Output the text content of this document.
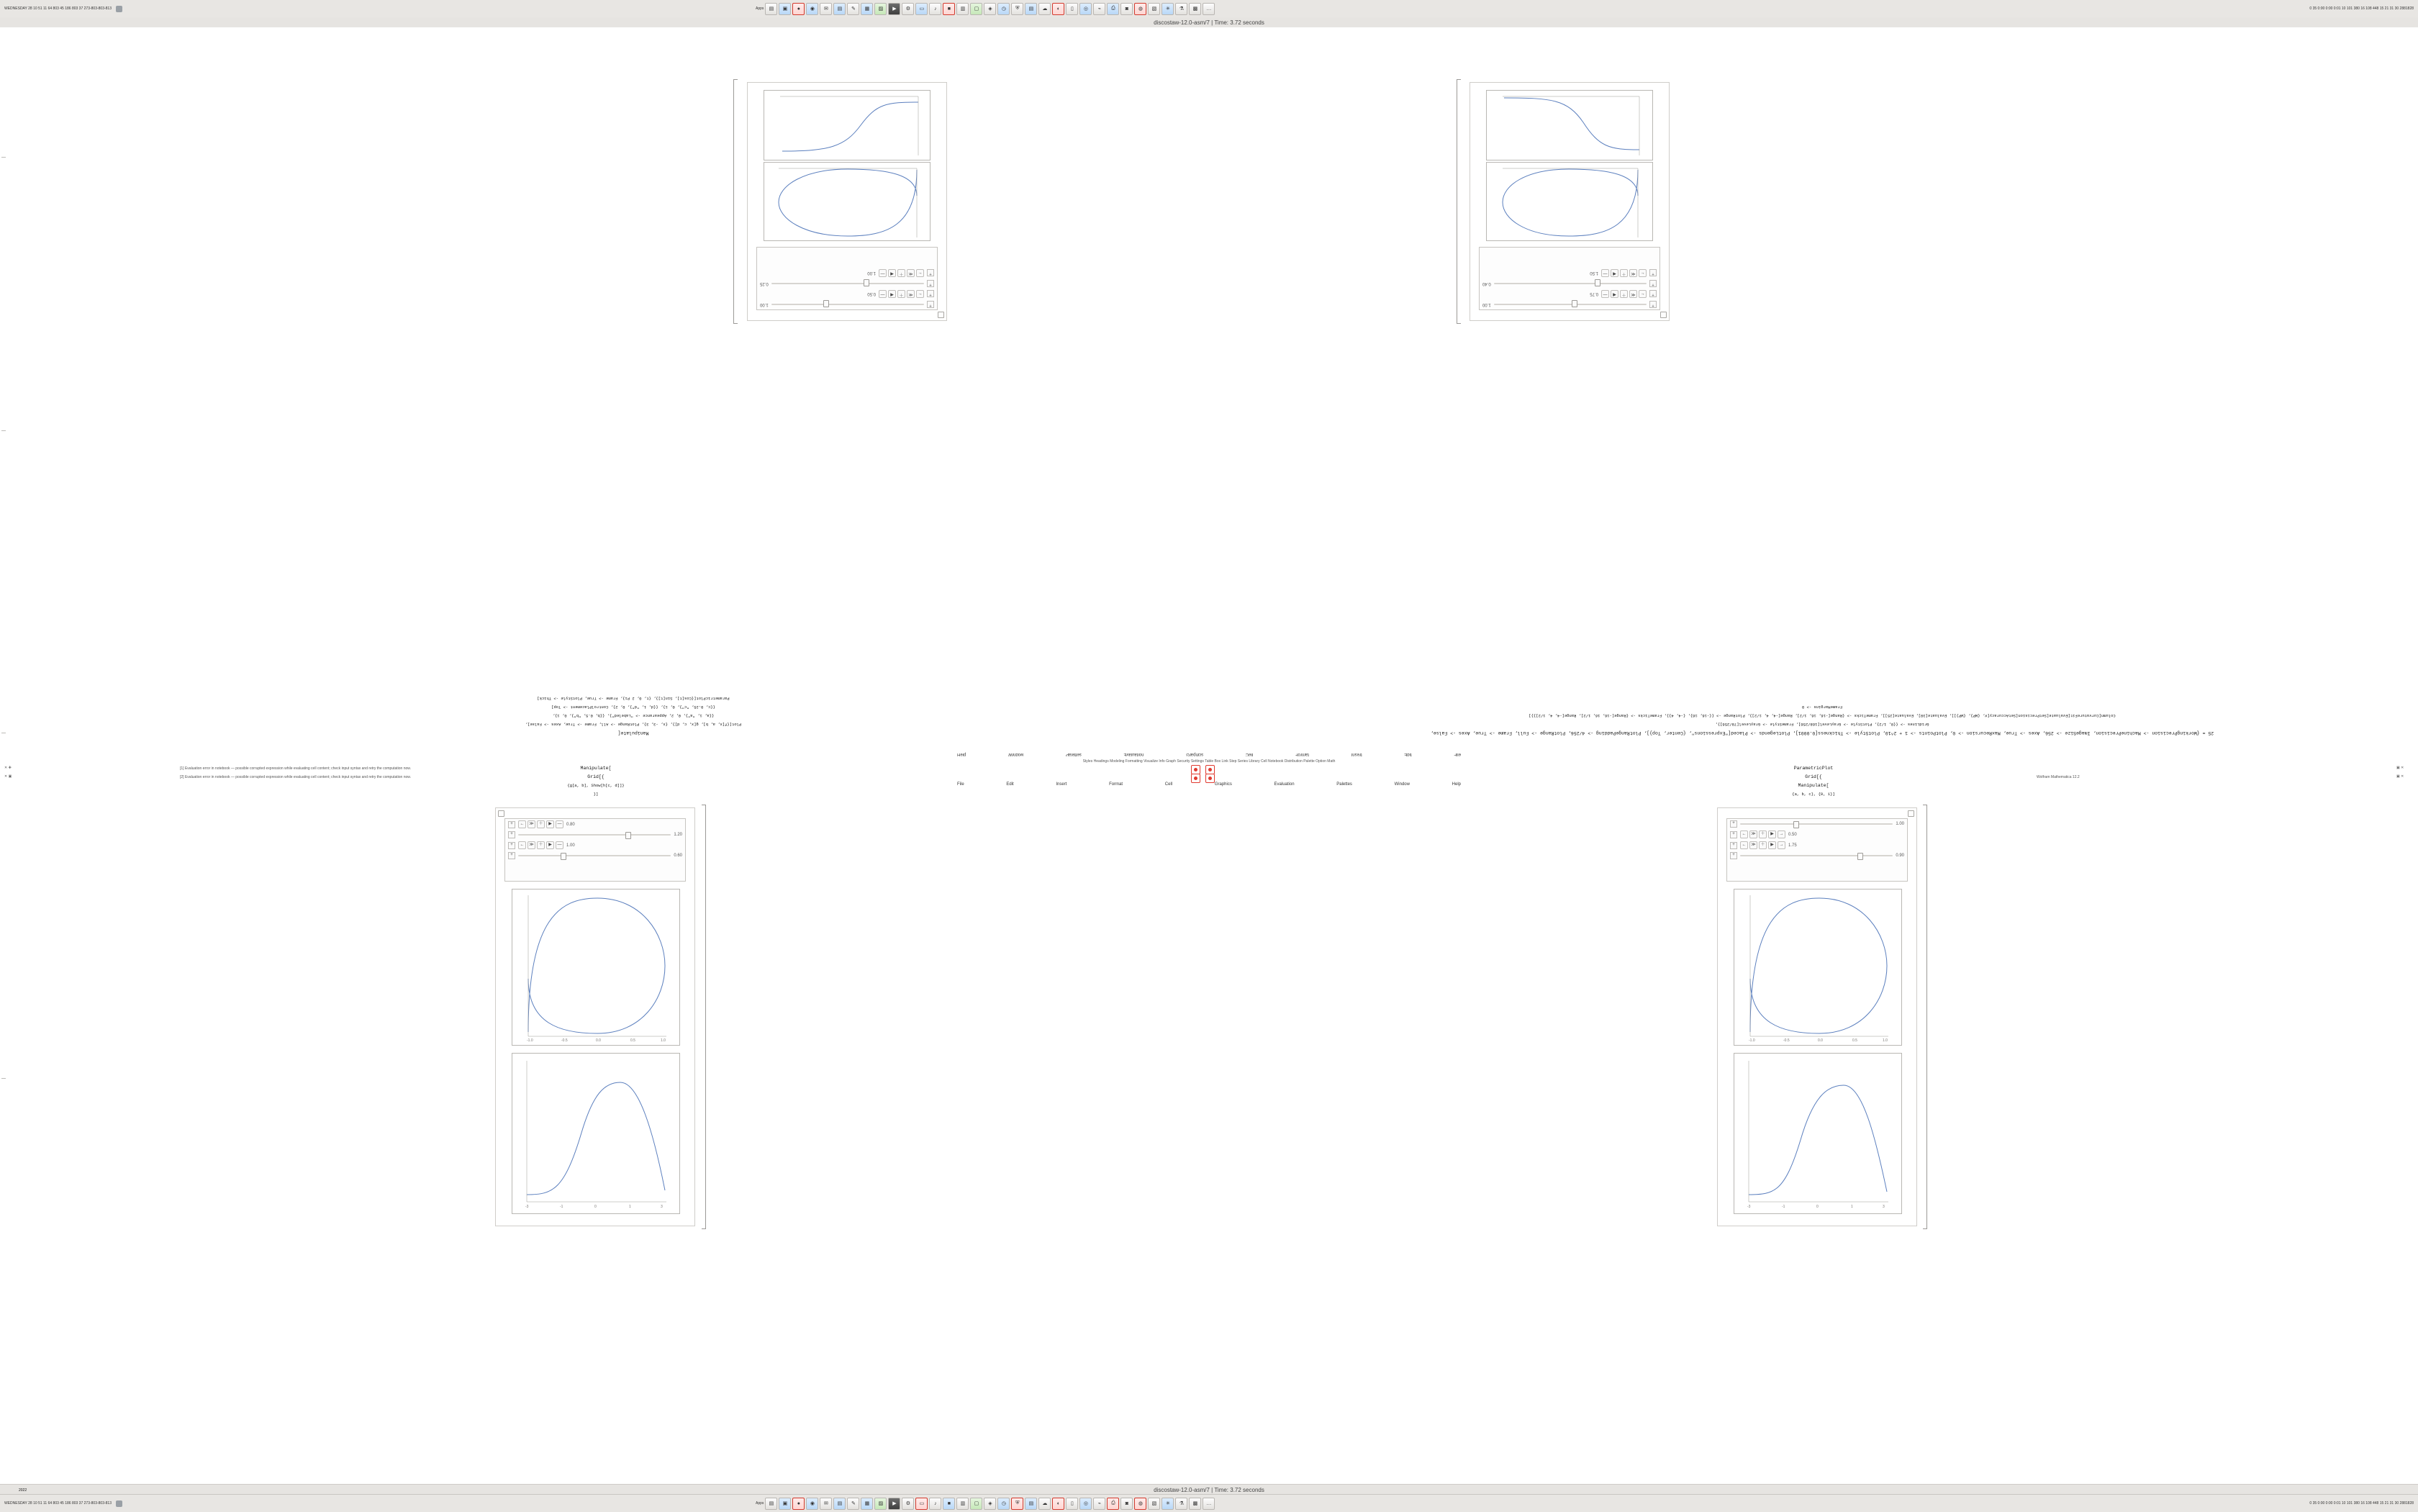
WEDNESDAY 28 10 51 11 64 803 45 186 803 37 273-803-803-813	Apps	▤	▣	●	◉	✉	▤	✎	▦	▨	▶	⚙	▭	♪	■	▥	▢	◈	◷	⛨	▤	☁	◐	▯	◎	⌁	⎙	◙	◍	▧	✳	⚗	▩	…	0 35 0:00 0:00 0:01 10 101 380 16 108 448 15 21 31 30 2881828
discostaw-12.0-asm/7 | Time: 3.72 seconds
discostaw-12.0-asm/7 | Time: 3.72 seconds
+
1.00
+
←
≪
＋
◀
—
0.50
+
0.25
+
←
≪
＋
◀
—
1.00
25 = {WorkingPrecision -> MachinePrecision, ImageSize -> 256, Axes -> True, MaxRecursion -> 0, PlotPoints -> 1 + 2^10, PlotStyle -> Thickness[0.0001], PlotLegends -> Placed["Expressions", {Center, Top}], PlotRangePadding -> 4/256, PlotRange -> Full, Frame -> True, Axes -> False,
GridLines -> {{0, 1/2}, PlotStyle -> GrayLevel[168/256], FrameStyle -> GrayLevel[78/256]},
Column[CurvatureFit[Evaluate[SetPrecision[SetAccuracy[#, {WP}, {WP}]], Evaluate[30], Evaluate[25]], FrameTicks -> {Range[-16, 16, 1/2], Range[-4, 4, 1/2]}, PlotRange -> {{-16, 16}, {-4, 4}}, FrameTicks -> {Range[-16, 16, 1/2], Range[-4, 4, 1/2]}}]
FrameMargins -> 0
Manipulate[
Plot[{f[x, a, b], g[x, c, d]}, {x, -3, 3}, PlotRange -> All, Frame -> True, Axes -> False],
{{a, 1, "a"}, 0, 2, Appearance -> "Labeled"}, {{b, 0.5, "b"}, 0, 1},
{{c, 0.25, "c"}, 0, 1}, {{d, 1, "d"}, 0, 2}, ControlPlacement -> Top]
ParametricPlot[{Cos[t], Sin[t]}, {t, 0, 2 Pi}, Frame -> True, PlotStyle -> Thick]
+
1.00
+
←
≪
＋
◀
—
0.75
+
0.40
+
←
≪
＋
◀
—
1.50
+	←	≫	＋	▶	—	0.80
+	1.20
+	←	≫	＋	▶	—	1.00
+	0.60
-1.0	-0.5	0.0	0.5	1.0
-3	-1	0	1	3
+	1.00
+	←	≫	＋	▶	→	0.50
+	←	≫	＋	▶	→	1.75
+	0.90
-1.0	-0.5	0.0	0.5	1.0
-3	-1	0	1	3
Manipulate[
Grid[{
{g[a, b], Show[h[c, d]]}
}]
ParametricPlot
Grid[{
Manipulate[
{a, b, c}, {0, 1}]
eliF
tidE
tresnI
tamroF
lleC
scihparG
noitaulavE
settelaP
wodniW
pleH
Styles Headings Modeling Formatting Visualize Info Graph Security Settings Table Box Link Step Series Library Cell Notebook Distribution Palette Option Math
[1] Evaluation error in notebook — possible corrupted expression while evaluating cell content; check input syntax and retry the computation now.
[2] Evaluation error in notebook — possible corrupted expression while evaluating cell content; check input syntax and retry the computation now.	Wolfram Mathematica 12.2
File	Edit	Insert	Format	Cell	Graphics	Evaluation	Palettes	Window	Help
✕ ✚
✕ ▣
▣ ✕
▣ ✕
WEDNESDAY 28 10 51 11 64 803 45 186 803 37 273-803-803-813	Apps	▤	▣	●	◉	✉	▤	✎	▦	▨	▶	⚙	▭	♪	■	▥	▢	◈	◷	⛨	▤	☁	◐	▯	◎	⌁	⎙	◙	◍	▧	✳	⚗	▩	…	0 35 0:00 0:00 0:01 10 101 380 16 108 448 15 21 31 30 2881828
2022
